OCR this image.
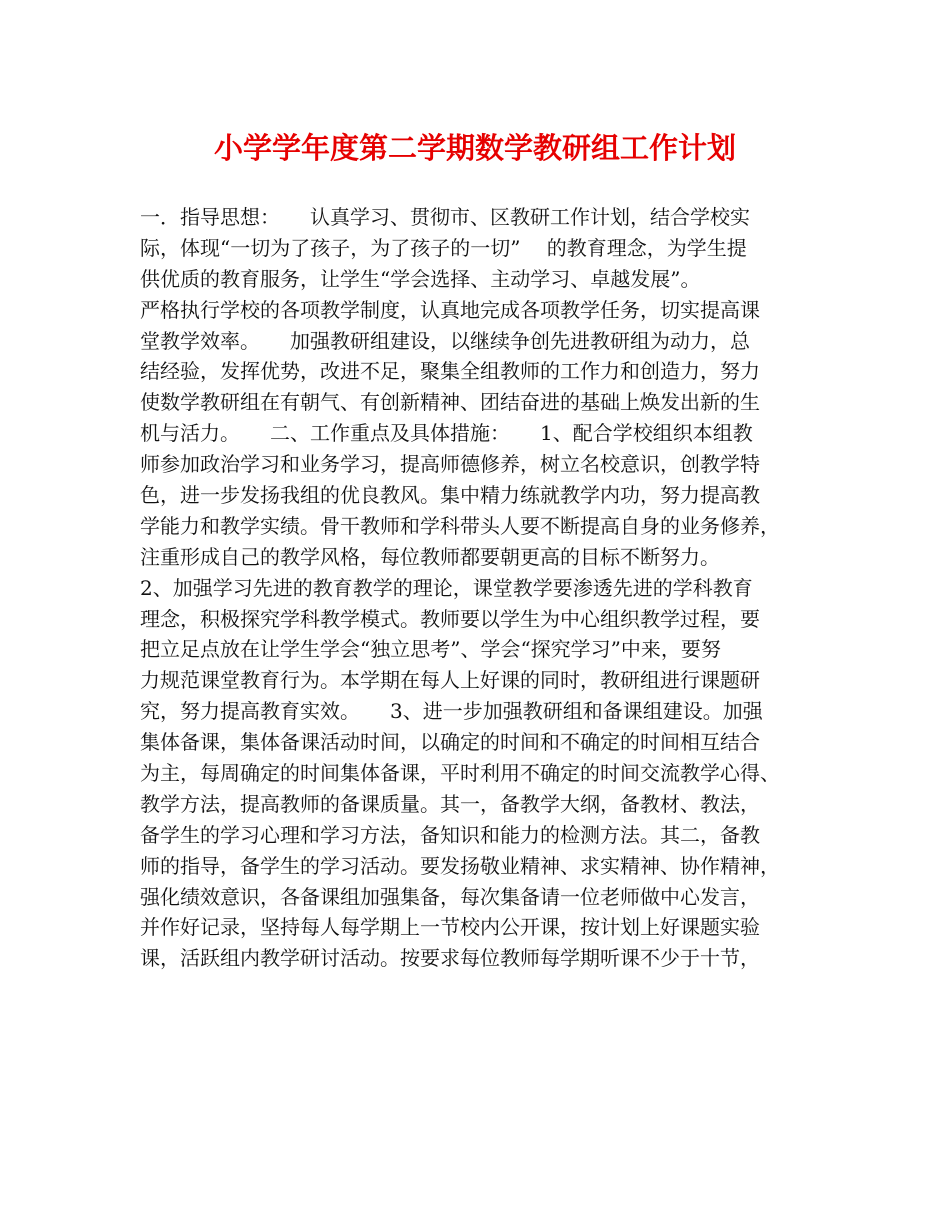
小学学年度第二学期数学教研组工作计划
一．指导思想：　　认真学习、贯彻市、区教研工作计划，结合学校实
际，体现“一切为了孩子，为了孩子的一切”　 的教育理念，为学生提
供优质的教育服务，让学生“学会选择、主动学习、卓越发展”。
严格执行学校的各项教学制度，认真地完成各项教学任务，切实提高课
堂教学效率。　　加强教研组建设，以继续争创先进教研组为动力，总
结经验，发挥优势，改进不足，聚集全组教师的工作力和创造力，努力
使数学教研组在有朝气、有创新精神、团结奋进的基础上焕发出新的生
机与活力。　　二、工作重点及具体措施：　　1、配合学校组织本组教
师参加政治学习和业务学习，提高师德修养，树立名校意识，创教学特
色，进一步发扬我组的优良教风。集中精力练就教学内功，努力提高教
学能力和教学实绩。骨干教师和学科带头人要不断提高自身的业务修养，
注重形成自己的教学风格，每位教师都要朝更高的目标不断努力。
2、加强学习先进的教育教学的理论，课堂教学要渗透先进的学科教育
理念，积极探究学科教学模式。教师要以学生为中心组织教学过程，要
把立足点放在让学生学会“独立思考”、学会“探究学习”中来，要努
力规范课堂教育行为。本学期在每人上好课的同时，教研组进行课题研
究，努力提高教育实效。　　3、进一步加强教研组和备课组建设。加强
集体备课，集体备课活动时间，以确定的时间和不确定的时间相互结合
为主，每周确定的时间集体备课，平时利用不确定的时间交流教学心得、
教学方法，提高教师的备课质量。其一，备教学大纲，备教材、教法，
备学生的学习心理和学习方法，备知识和能力的检测方法。其二，备教
师的指导，备学生的学习活动。要发扬敬业精神、求实精神、协作精神，
强化绩效意识，各备课组加强集备，每次集备请一位老师做中心发言，
并作好记录，坚持每人每学期上一节校内公开课，按计划上好课题实验
课，活跃组内教学研讨活动。按要求每位教师每学期听课不少于十节，
